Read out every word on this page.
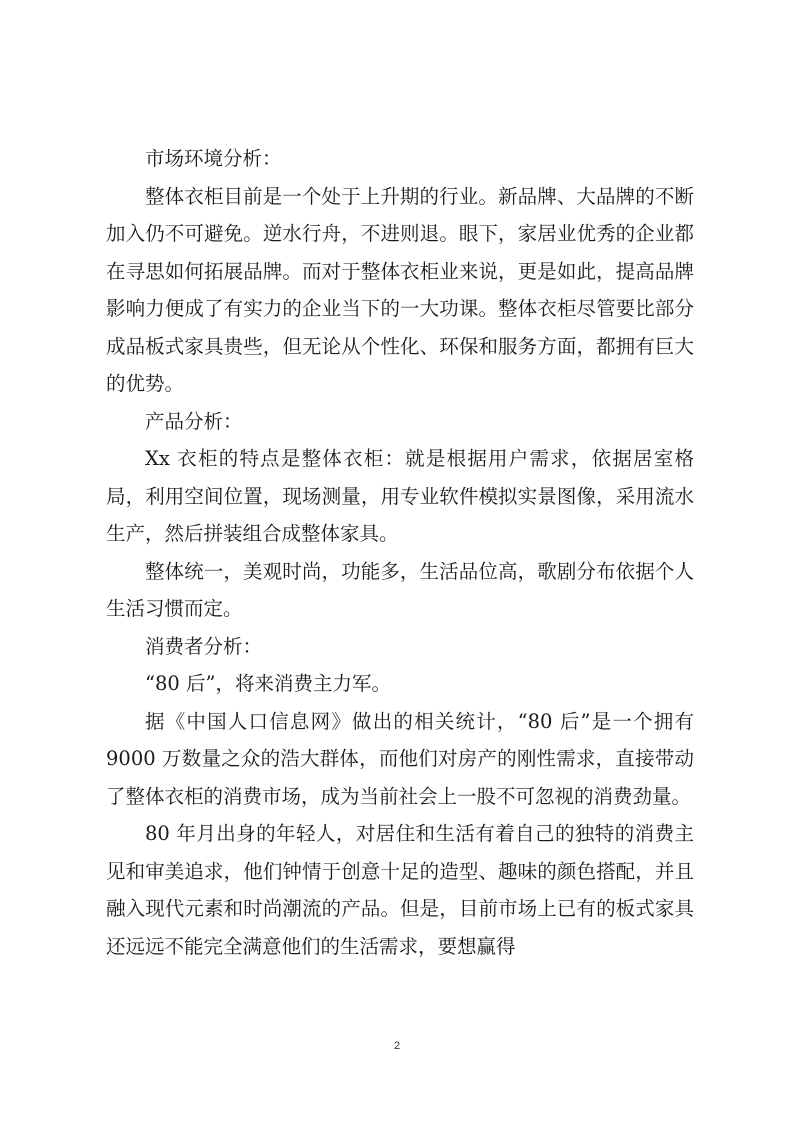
市场环境分析：

整体衣柜目前是一个处于上升期的行业。新品牌、大品牌的不断加入仍不可避免。逆水行舟，不进则退。眼下，家居业优秀的企业都在寻思如何拓展品牌。而对于整体衣柜业来说，更是如此，提高品牌影响力便成了有实力的企业当下的一大功课。整体衣柜尽管要比部分成品板式家具贵些，但无论从个性化、环保和服务方面，都拥有巨大的优势。

产品分析：

Xx 衣柜的特点是整体衣柜：就是根据用户需求，依据居室格局，利用空间位置，现场测量，用专业软件模拟实景图像，采用流水生产，然后拼装组合成整体家具。

整体统一，美观时尚，功能多，生活品位高，歌剧分布依据个人生活习惯而定。

消费者分析：

“80 后”，将来消费主力军。

据《中国人口信息网》做出的相关统计，“80 后”是一个拥有 9000 万数量之众的浩大群体，而他们对房产的刚性需求，直接带动了整体衣柜的消费市场，成为当前社会上一股不可忽视的消费劲量。

80 年月出身的年轻人，对居住和生活有着自己的独特的消费主见和审美追求，他们钟情于创意十足的造型、趣味的颜色搭配，并且融入现代元素和时尚潮流的产品。但是，目前市场上已有的板式家具还远远不能完全满意他们的生活需求，要想赢得

2
